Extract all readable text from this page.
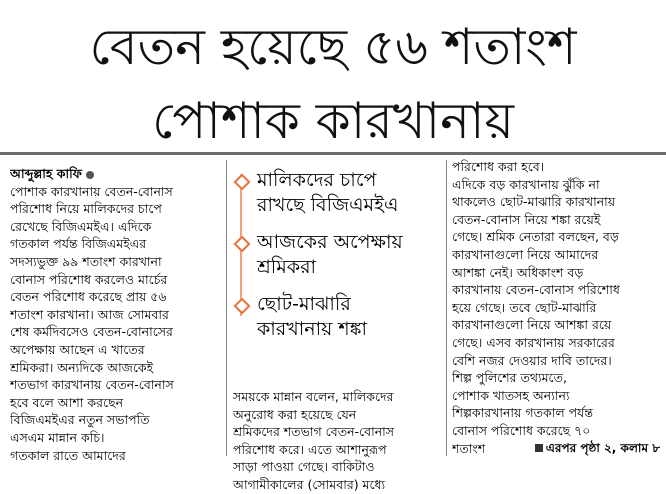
বেতন হয়েছে ৫৬ শতাংশ
পোশাক কারখানায়
আব্দুল্লাহ কাফি
পোশাক কারখানায় বেতন-বোনাস
পরিশোধ নিয়ে মালিকদের চাপে
রেখেছে বিজিএমইএ। এদিকে
গতকাল পর্যন্ত বিজিএমইএর
সদস্যভুক্ত ৯৯ শতাংশ কারখানা
বোনাস পরিশোধ করলেও মার্চের
বেতন পরিশোধ করেছে প্রায় ৫৬
শতাংশ কারখানা। আজ সোমবার
শেষ কর্মদিবসেও বেতন-বোনাসের
অপেক্ষায় আছেন এ খাতের
শ্রমিকরা। অন্যদিকে আজকেই
শতভাগ কারখানায় বেতন-বোনাস
হবে বলে আশা করছেন
বিজিএমইএর নতুন সভাপতি
এসএম মান্নান কচি।
গতকাল রাতে আমাদের
মালিকদের চাপে
রাখছে বিজিএমইএ
আজকের অপেক্ষায়
শ্রমিকরা
ছোট-মাঝারি
কারখানায় শঙ্কা
সময়কে মান্নান বলেন, মালিকদের
অনুরোধ করা হয়েছে যেন
শ্রমিকদের শতভাগ বেতন-বোনাস
পরিশোধ করে। এতে আশানুরূপ
সাড়া পাওয়া গেছে। বাকিটাও
আগামীকালের (সোমবার) মধ্যে
পরিশোধ করা হবে।
এদিকে বড় কারখানায় ঝুঁকি না
থাকলেও ছোট-মাঝারি কারখানায়
বেতন-বোনাস নিয়ে শঙ্কা রয়েই
গেছে। শ্রমিক নেতারা বলছেন, বড়
কারখানাগুলো নিয়ে আমাদের
আশঙ্কা নেই। অধিকাংশ বড়
কারখানায় বেতন-বোনাস পরিশোধ
হয়ে গেছে। তবে ছোট-মাঝারি
কারখানাগুলো নিয়ে আশঙ্কা রয়ে
গেছে। এসব কারখানায় সরকারের
বেশি নজর দেওয়ার দাবি তাদের।
শিল্প পুলিশের তথ্যমতে,
পোশাক খাতসহ অন্যান্য
শিল্পকারখানায় গতকাল পর্যন্ত
বোনাস পরিশোধ করেছে ৭০
শতাংশ	এরপর পৃষ্ঠা ২, কলাম ৮
